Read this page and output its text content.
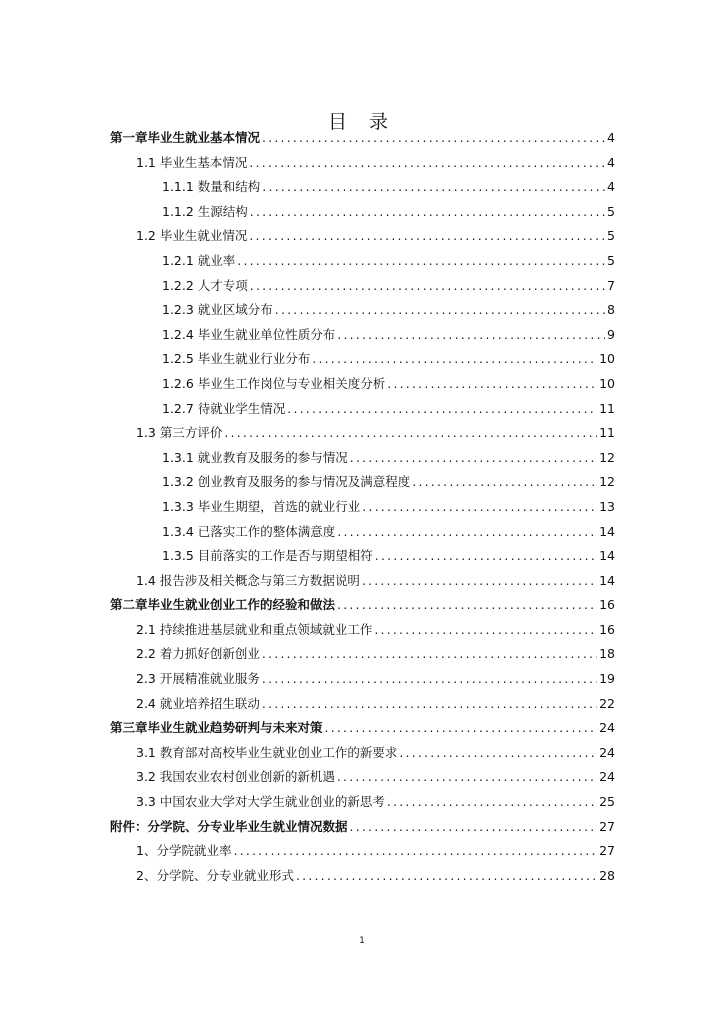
目 录
第一章毕业生就业基本情况 .....	4
1.1 毕业生基本情况 .....	4
1.1.1 数量和结构 .....	4
1.1.2 生源结构 .....	5
1.2 毕业生就业情况 .....	5
1.2.1 就业率 .....	5
1.2.2 人才专项 .....	7
1.2.3 就业区域分布 .....	8
1.2.4 毕业生就业单位性质分布 .....	9
1.2.5 毕业生就业行业分布 .....	10
1.2.6 毕业生工作岗位与专业相关度分析 .....	10
1.2.7 待就业学生情况 .....	11
1.3 第三方评价 .....	11
1.3.1 就业教育及服务的参与情况 .....	12
1.3.2 创业教育及服务的参与情况及满意程度 .....	12
1.3.3 毕业生期望，首选的就业行业 .....	13
1.3.4 已落实工作的整体满意度 .....	14
1.3.5 目前落实的工作是否与期望相符 .....	14
1.4 报告涉及相关概念与第三方数据说明 .....	14
第二章毕业生就业创业工作的经验和做法 .....	16
2.1 持续推进基层就业和重点领域就业工作 .....	16
2.2 着力抓好创新创业 .....	18
2.3 开展精准就业服务 .....	19
2.4 就业培养招生联动 .....	22
第三章毕业生就业趋势研判与未来对策 .....	24
3.1 教育部对高校毕业生就业创业工作的新要求 .....	24
3.2 我国农业农村创业创新的新机遇 .....	24
3.3 中国农业大学对大学生就业创业的新思考 .....	25
附件：分学院、分专业毕业生就业情况数据 .....	27
1、分学院就业率 .....	27
2、分学院、分专业就业形式 .....	28
1
